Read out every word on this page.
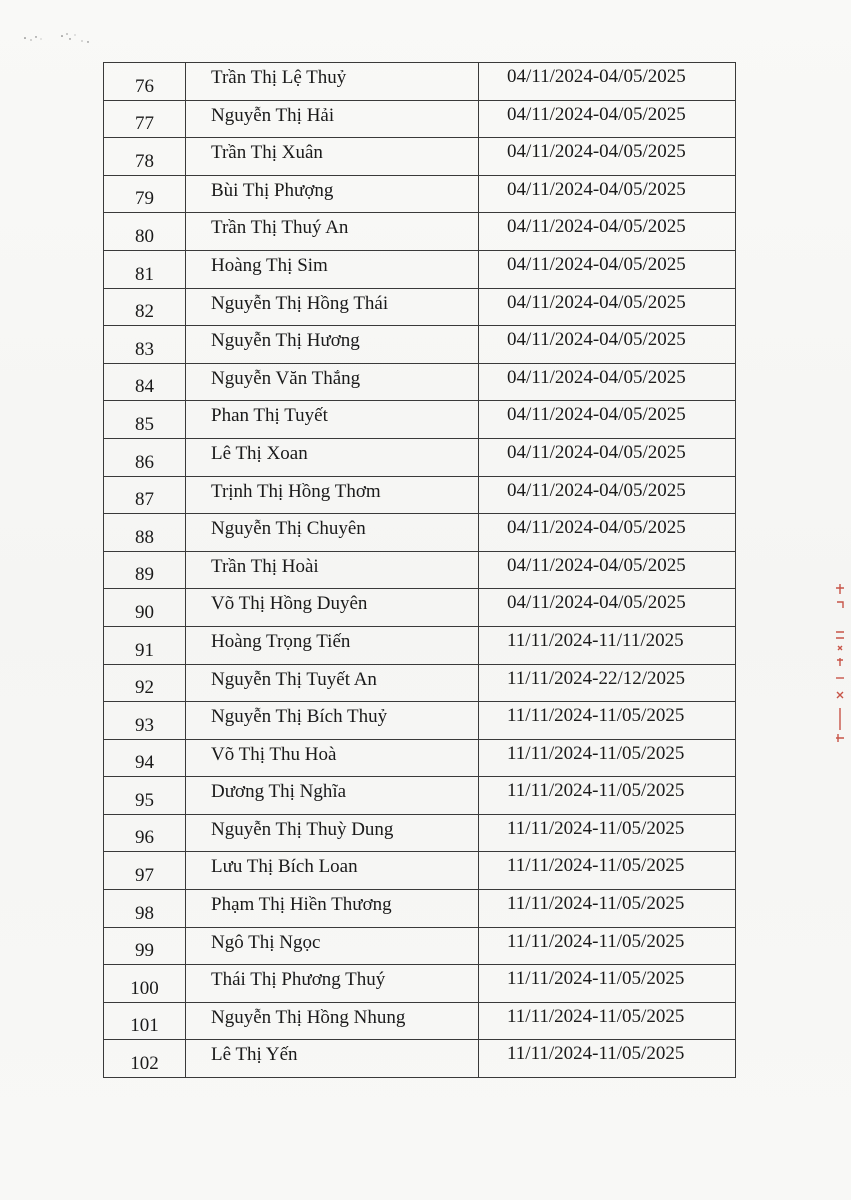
76	Trần Thị Lệ Thuỷ	04/11/2024-04/05/2025
77	Nguyễn Thị Hải	04/11/2024-04/05/2025
78	Trần Thị Xuân	04/11/2024-04/05/2025
79	Bùi Thị Phượng	04/11/2024-04/05/2025
80	Trần Thị Thuý An	04/11/2024-04/05/2025
81	Hoàng Thị Sim	04/11/2024-04/05/2025
82	Nguyễn Thị Hồng Thái	04/11/2024-04/05/2025
83	Nguyễn Thị Hương	04/11/2024-04/05/2025
84	Nguyễn Văn Thắng	04/11/2024-04/05/2025
85	Phan Thị Tuyết	04/11/2024-04/05/2025
86	Lê Thị Xoan	04/11/2024-04/05/2025
87	Trịnh Thị Hồng Thơm	04/11/2024-04/05/2025
88	Nguyễn Thị Chuyên	04/11/2024-04/05/2025
89	Trần Thị Hoài	04/11/2024-04/05/2025
90	Võ Thị Hồng Duyên	04/11/2024-04/05/2025
91	Hoàng Trọng Tiến	11/11/2024-11/11/2025
92	Nguyễn Thị Tuyết An	11/11/2024-22/12/2025
93	Nguyễn Thị Bích Thuỷ	11/11/2024-11/05/2025
94	Võ Thị Thu Hoà	11/11/2024-11/05/2025
95	Dương Thị Nghĩa	11/11/2024-11/05/2025
96	Nguyễn Thị Thuỳ Dung	11/11/2024-11/05/2025
97	Lưu Thị Bích Loan	11/11/2024-11/05/2025
98	Phạm Thị Hiền Thương	11/11/2024-11/05/2025
99	Ngô Thị Ngọc	11/11/2024-11/05/2025
100	Thái Thị Phương Thuý	11/11/2024-11/05/2025
101	Nguyễn Thị Hồng Nhung	11/11/2024-11/05/2025
102	Lê Thị Yến	11/11/2024-11/05/2025
